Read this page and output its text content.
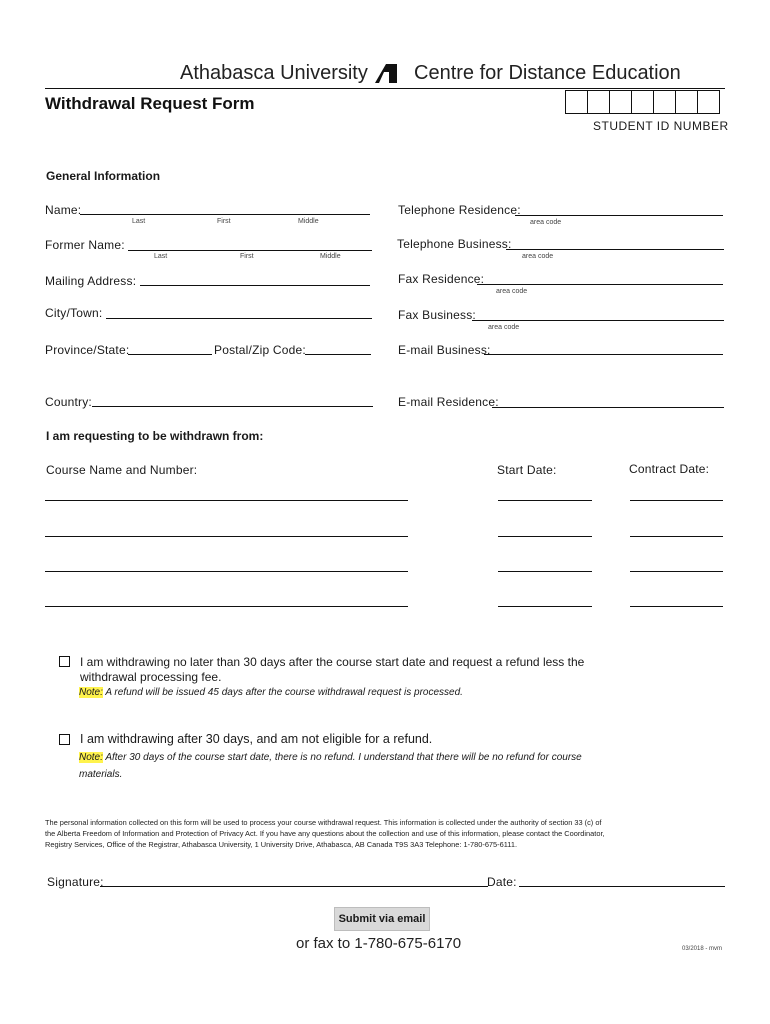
Athabasca University Centre for Distance Education
Withdrawal Request Form
STUDENT ID NUMBER
General Information
Name:
Last	First	Middle
Former Name:
Last	First	Middle
Mailing Address:
City/Town:
Province/State:	Postal/Zip Code:
Country:
Telephone Residence:
area code
Telephone Business:
area code
Fax Residence:
area code
Fax Business:
area code
E-mail Business:
E-mail Residence:
I am requesting to be withdrawn from:
Course Name and Number:	Start Date:	Contract Date:
I am withdrawing no later than 30 days after the course start date and request a refund less the
withdrawal processing fee.
Note: A refund will be issued 45 days after the course withdrawal request is processed.
I am withdrawing after 30 days, and am not eligible for a refund.
Note: After 30 days of the course start date, there is no refund. I understand that there will be no refund for course
materials.
The personal information collected on this form will be used to process your course withdrawal request. This information is collected under the authority of section 33 (c) of
the Alberta Freedom of Information and Protection of Privacy Act. If you have any questions about the collection and use of this information, please contact the Coordinator,
Registry Services, Office of the Registrar, Athabasca University, 1 University Drive, Athabasca, AB Canada T9S 3A3 Telephone: 1-780-675-6111.
Signature:	Date:
Submit via email
or fax to 1-780-675-6170	03/2018 - mvm
